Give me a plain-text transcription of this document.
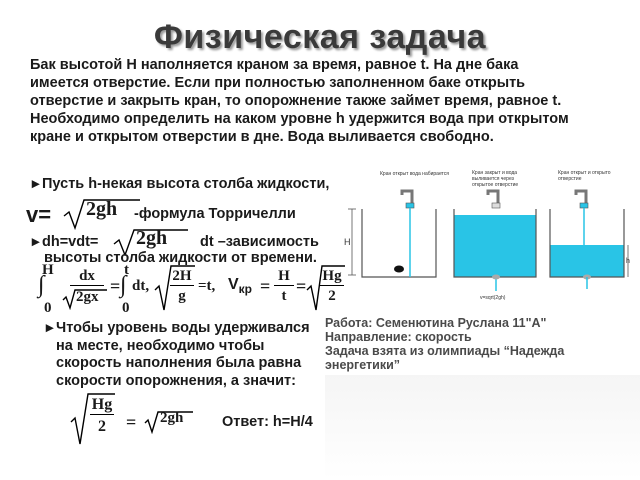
Физическая задача
Бак высотой Н наполняется краном за время, равное t. На дне бака имеется отверстие. Если при полностью заполненном баке открыть отверстие и закрыть кран, то опорожнение также займет время, равное t. Необходимо определить на каком уровне h удержится вода при открытом кране и открытом отверстии в дне. Вода выливается свободно.
▸ Пусть h-некая высота столба жидкости,
v= 2gh -формула Торричелли
▸ dh=vdt= 2gh dt –зависимость
высоты столба жидкости от времени.
H
∫
0
dx
2gx
=
t
∫ dt,
0
2H
g
=t, $V_{кр} = H$
t = Hg
2
▸ Чтобы уровень воды удерживался
на месте, необходимо чтобы
скорость наполнения была равна
скорости опорожнения, а значит:
Hg
2	= 2gh	Ответ: h=H/4
Кран открыт вода набирается	Кран закрыт и вода
выливается через
открытое отверстие
Кран открыт и открыто
отверстие
H
v=sqrt(2gh)
h
Работа: Семенютина Руслана 11"А"
Направление: скорость
Задача взята из олимпиады “Надежда
энергетики”
